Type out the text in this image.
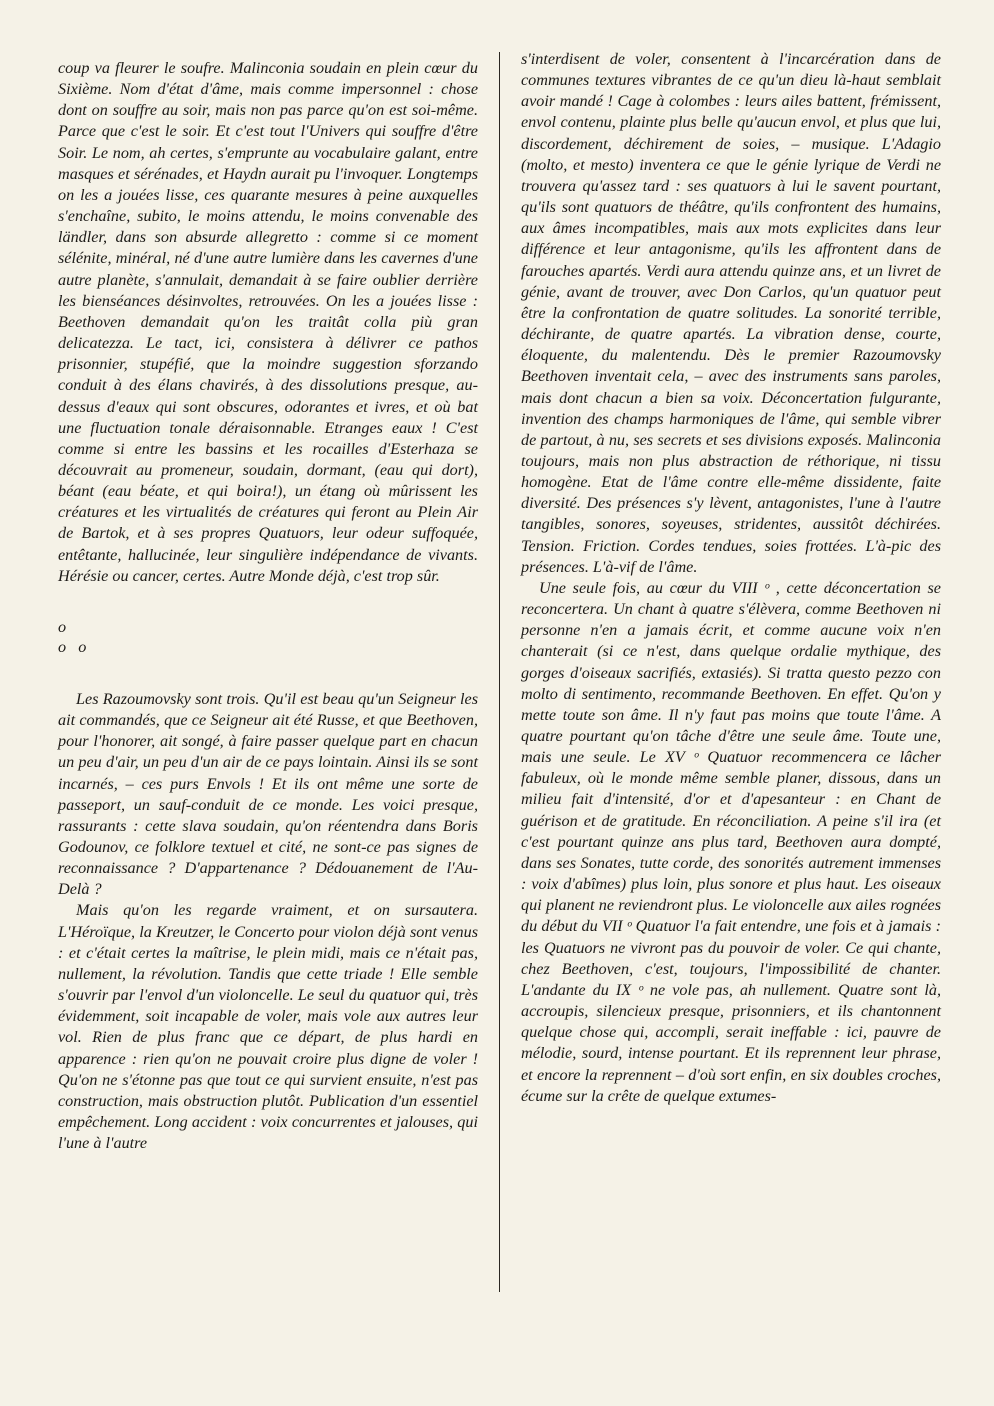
coup va fleurer le soufre. Malinconia soudain en plein cœur du Sixième. Nom d'état d'âme, mais comme impersonnel : chose dont on souffre au soir, mais non pas parce qu'on est soi-même. Parce que c'est le soir. Et c'est tout l'Univers qui souffre d'être Soir. Le nom, ah certes, s'emprunte au vocabulaire galant, entre masques et sérénades, et Haydn aurait pu l'invoquer. Longtemps on les a jouées lisse, ces quarante mesures à peine auxquelles s'enchaîne, subito, le moins attendu, le moins convenable des ländler, dans son absurde allegretto : comme si ce moment sélénite, minéral, né d'une autre lumière dans les cavernes d'une autre planète, s'annulait, demandait à se faire oublier derrière les bienséances désinvoltes, retrouvées. On les a jouées lisse : Beethoven demandait qu'on les traitât colla più gran delicatezza. Le tact, ici, consistera à délivrer ce pathos prisonnier, stupéfié, que la moindre suggestion sforzando conduit à des élans chavirés, à des dissolutions presque, au-dessus d'eaux qui sont obscures, odorantes et ivres, et où bat une fluctuation tonale déraisonnable. Etranges eaux ! C'est comme si entre les bassins et les rocailles d'Esterhaza se découvrait au promeneur, soudain, dormant, (eau qui dort), béant (eau béate, et qui boira!), un étang où mûrissent les créatures et les virtualités de créatures qui feront au Plein Air de Bartok, et à ses propres Quatuors, leur odeur suffoquée, entêtante, hallucinée, leur singulière indépendance de vivants. Hérésie ou cancer, certes. Autre Monde déjà, c'est trop sûr.

o

o   o

Les Razoumovsky sont trois. Qu'il est beau qu'un Seigneur les ait commandés, que ce Seigneur ait été Russe, et que Beethoven, pour l'honorer, ait songé, à faire passer quelque part en chacun un peu d'air, un peu d'un air de ce pays lointain. Ainsi ils se sont incarnés, – ces purs Envols ! Et ils ont même une sorte de passeport, un sauf-conduit de ce monde. Les voici presque, rassurants : cette slava soudain, qu'on réentendra dans Boris Godounov, ce folklore textuel et cité, ne sont-ce pas signes de reconnaissance ? D'appartenance ? Dédouanement de l'Au-Delà ?

Mais qu'on les regarde vraiment, et on sursautera. L'Héroïque, la Kreutzer, le Concerto pour violon déjà sont venus : et c'était certes la maîtrise, le plein midi, mais ce n'était pas, nullement, la révolution. Tandis que cette triade ! Elle semble s'ouvrir par l'envol d'un violoncelle. Le seul du quatuor qui, très évidemment, soit incapable de voler, mais vole aux autres leur vol. Rien de plus franc que ce départ, de plus hardi en apparence : rien qu'on ne pouvait croire plus digne de voler ! Qu'on ne s'étonne pas que tout ce qui survient ensuite, n'est pas construction, mais obstruction plutôt. Publication d'un essentiel empêchement. Long accident : voix concurrentes et jalouses, qui l'une à l'autre

s'interdisent de voler, consentent à l'incarcération dans de communes textures vibrantes de ce qu'un dieu là-haut semblait avoir mandé ! Cage à colombes : leurs ailes battent, frémissent, envol contenu, plainte plus belle qu'aucun envol, et plus que lui, discordement, déchirement de soies, – musique. L'Adagio (molto, et mesto) inventera ce que le génie lyrique de Verdi ne trouvera qu'assez tard : ses quatuors à lui le savent pourtant, qu'ils sont quatuors de théâtre, qu'ils confrontent des humains, aux âmes incompatibles, mais aux mots explicites dans leur différence et leur antagonisme, qu'ils les affrontent dans de farouches apartés. Verdi aura attendu quinze ans, et un livret de génie, avant de trouver, avec Don Carlos, qu'un quatuor peut être la confrontation de quatre solitudes. La sonorité terrible, déchirante, de quatre apartés. La vibration dense, courte, éloquente, du malentendu. Dès le premier Razoumovsky Beethoven inventait cela, – avec des instruments sans paroles, mais dont chacun a bien sa voix. Déconcertation fulgurante, invention des champs harmoniques de l'âme, qui semble vibrer de partout, à nu, ses secrets et ses divisions exposés. Malinconia toujours, mais non plus abstraction de réthorique, ni tissu homogène. Etat de l'âme contre elle-même dissidente, faite diversité. Des présences s'y lèvent, antagonistes, l'une à l'autre tangibles, sonores, soyeuses, stridentes, aussitôt déchirées. Tension. Friction. Cordes tendues, soies frottées. L'à-pic des présences. L'à-vif de l'âme.

Une seule fois, au cœur du VIII ᵒ , cette déconcertation se reconcertera. Un chant à quatre s'élèvera, comme Beethoven ni personne n'en a jamais écrit, et comme aucune voix n'en chanterait (si ce n'est, dans quelque ordalie mythique, des gorges d'oiseaux sacrifiés, extasiés). Si tratta questo pezzo con molto di sentimento, recommande Beethoven. En effet. Qu'on y mette toute son âme. Il n'y faut pas moins que toute l'âme. A quatre pourtant qu'on tâche d'être une seule âme. Toute une, mais une seule. Le XV ᵒ Quatuor recommencera ce lâcher fabuleux, où le monde même semble planer, dissous, dans un milieu fait d'intensité, d'or et d'apesanteur : en Chant de guérison et de gratitude. En réconciliation. A peine s'il ira (et c'est pourtant quinze ans plus tard, Beethoven aura dompté, dans ses Sonates, tutte corde, des sonorités autrement immenses : voix d'abîmes) plus loin, plus sonore et plus haut. Les oiseaux qui planent ne reviendront plus. Le violoncelle aux ailes rognées du début du VII ᵒ Quatuor l'a fait entendre, une fois et à jamais : les Quatuors ne vivront pas du pouvoir de voler. Ce qui chante, chez Beethoven, c'est, toujours, l'impossibilité de chanter. L'andante du IX ᵒ ne vole pas, ah nullement. Quatre sont là, accroupis, silencieux presque, prisonniers, et ils chantonnent quelque chose qui, accompli, serait ineffable : ici, pauvre de mélodie, sourd, intense pourtant. Et ils reprennent leur phrase, et encore la reprennent – d'où sort enfin, en six doubles croches, écume sur la crête de quelque extumes-
